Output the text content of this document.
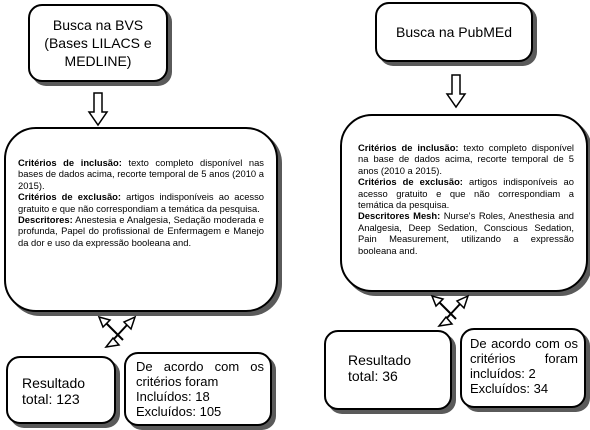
Busca na BVS (Bases LILACS e MEDLINE)

Critérios de inclusão: texto completo disponível nas bases de dados acima, recorte temporal de 5 anos (2010 a 2015).

Critérios de exclusão: artigos indisponíveis ao acesso gratuito e que não correspondiam a temática da pesquisa.

Descritores: Anestesia e Analgesia, Sedação moderada e profunda, Papel do profissional de Enfermagem e Manejo da dor e uso da expressão booleana and.

Resultado total: 123
De acordo com os critérios foram
Incluídos: 18
Excluídos: 105
Busca na PubMEd

Critérios de inclusão: texto completo disponível na base de dados acima, recorte temporal de 5 anos (2010 a 2015).

Critérios de exclusão: artigos indisponíveis ao acesso gratuito e que não correspondiam a temática da pesquisa.

Descritores Mesh: Nurse's Roles, Anesthesia and Analgesia, Deep Sedation, Conscious Sedation, Pain Measurement, utilizando a expressão booleana and.

Resultado total: 36
De acordo com os critérios foram incluídos: 2
Excluídos: 34
